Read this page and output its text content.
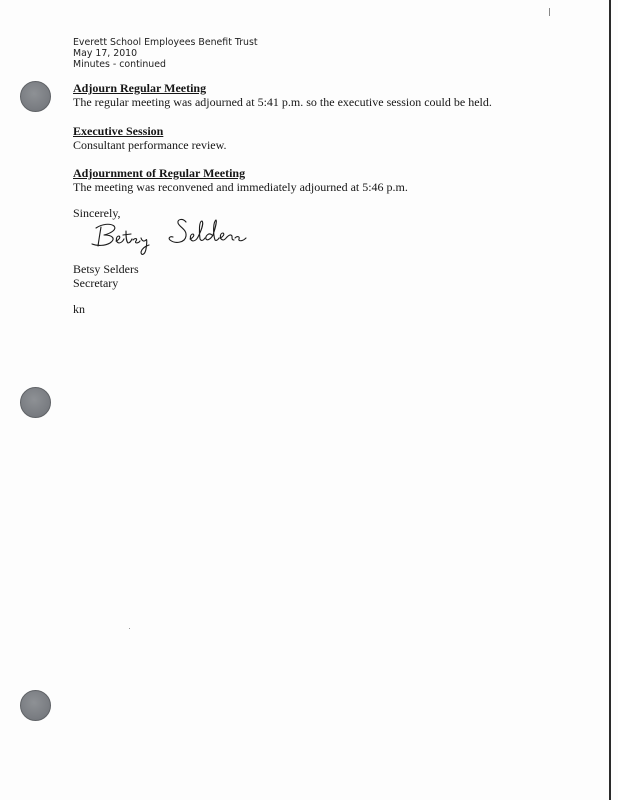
Everett School Employees Benefit Trust
May 17, 2010
Minutes - continued
Adjourn Regular Meeting
The regular meeting was adjourned at 5:41 p.m. so the executive session could be held.
Executive Session
Consultant performance review.
Adjournment of Regular Meeting
The meeting was reconvened and immediately adjourned at 5:46 p.m.
Sincerely,
Betsy Selders
Secretary
kn
